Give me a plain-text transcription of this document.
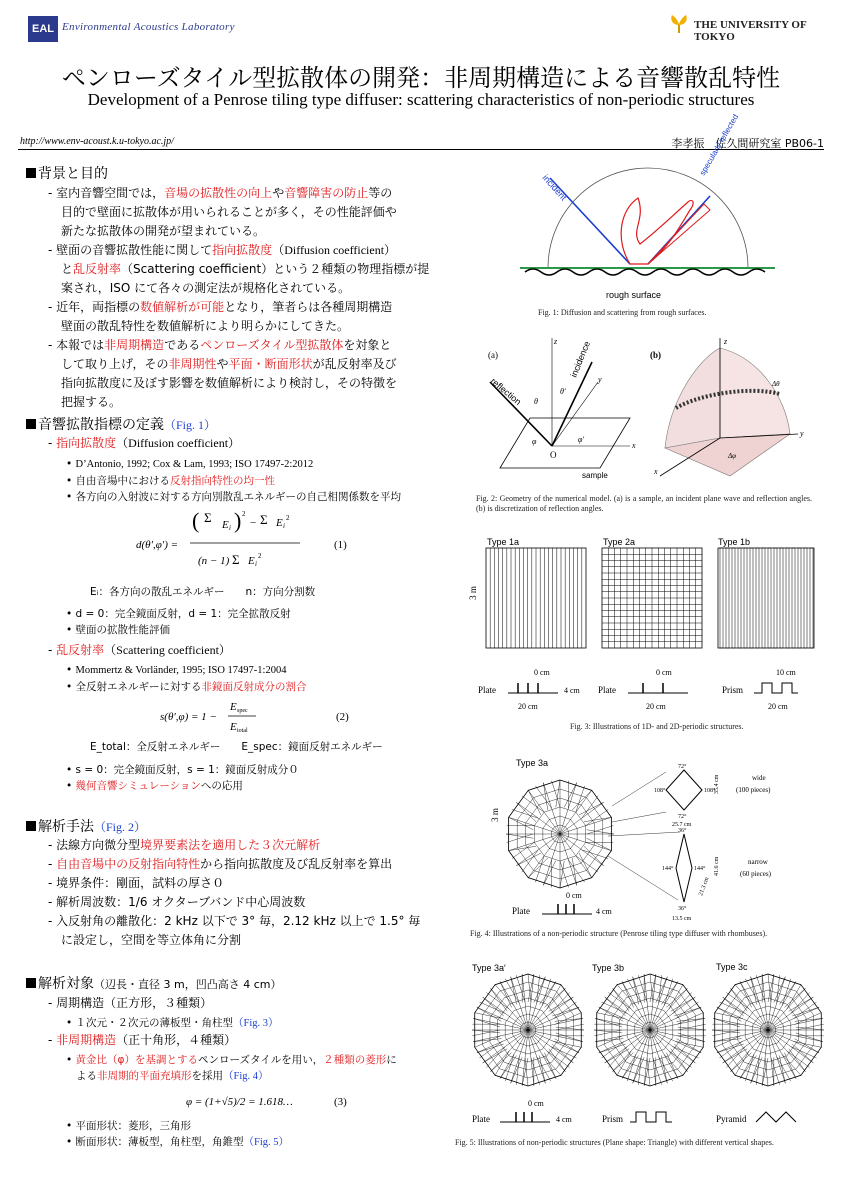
EAL Environmental Acoustics Laboratory	THE UNIVERSITY OF TOKYO
ペンローズタイル型拡散体の開発：非周期構造による音響散乱特性
Development of a Penrose tiling type diffuser: scattering characteristics of non-periodic structures
http://www.env-acoust.k.u-tokyo.ac.jp/	李孝振　佐久間研究室 PB06-1
背景と目的
- 室内音響空間では，音場の拡散性の向上や音響障害の防止等の
目的で壁面に拡散体が用いられることが多く，その性能評価や
新たな拡散体の開発が望まれている。
- 壁面の音響拡散性能に関して指向拡散度（Diffusion coefficient）
と乱反射率（Scattering coefficient）という２種類の物理指標が提
案され，ISO にて各々の測定法が規格化されている。
- 近年，両指標の数値解析が可能となり，筆者らは各種周期構造
壁面の散乱特性を数値解析により明らかにしてきた。
- 本報では非周期構造であるペンローズタイル型拡散体を対象と
して取り上げ，その非周期性や平面・断面形状が乱反射率及び
指向拡散度に及ぼす影響を数値解析により検討し，その特徴を
把握する。
音響拡散指標の定義（Fig. 1）
- 指向拡散度（Diffusion coefficient）
• D’Antonio, 1992; Cox & Lam, 1993; ISO 17497-2:2012
• 自由音場中における反射指向特性の均一性
• 各方向の入射波に対する方向別散乱エネルギーの自己相関係数を平均
d(θ′,φ′) =
( Σ E i ) 2
− Σ E i
2
(n − 1) Σ E i
2
(1)
Eᵢ：各方向の散乱エネルギー　　n：方向分割数
• d = 0：完全鏡面反射，d = 1：完全拡散反射
• 壁面の拡散性能評価
- 乱反射率（Scattering coefficient）
• Mommertz & Vorländer, 1995; ISO 17497-1:2004
• 全反射エネルギーに対する非鏡面反射成分の割合
s(θ′,φ) = 1 −
E spec
E total
(2)
E_total：全反射エネルギー　　E_spec：鏡面反射エネルギー
• s = 0：完全鏡面反射，s = 1：鏡面反射成分０
• 幾何音響シミュレーションへの応用
解析手法（Fig. 2）
- 法線方向微分型境界要素法を適用した３次元解析
- 自由音場中の反射指向特性から指向拡散度及び乱反射率を算出
- 境界条件：剛面，試料の厚さ０
- 解析周波数：1/6 オクターブバンド中心周波数
- 入反射角の離散化：2 kHz 以下で 3° 毎，2.12 kHz 以上で 1.5° 毎
に設定し，空間を等立体角に分割
解析対象（辺長・直径 3 m，凹凸高さ 4 cm）
- 周期構造（正方形，３種類）
• １次元・２次元の薄板型・角柱型（Fig. 3）
- 非周期構造（正十角形，４種類）
• 黄金比（φ）を基調とするペンローズタイルを用い，２種類の菱形に
よる非周期的平面充填形を採用（Fig. 4）
φ = (1+√5)/2 = 1.618…	(3)
• 平面形状：菱形，三角形
• 断面形状：薄板型，角柱型，角錐型（Fig. 5）
incident
specularly reflected
rough surface
Fig. 1: Diffusion and scattering from rough surfaces.
(a)
reflection
incidence
O
sample
z
x
y
θ
θ′
φ	φ′
(b)
z
y
x
Δθ
Δφ
Fig. 2: Geometry of the numerical model. (a) is a sample, an incident plane wave and reflection angles. (b) is discretization of reflection angles.
Type 1a	Type 2a	Type 1b
3 m
Plate
0 cm
4 cm
20 cm
Plate
0 cm
20 cm
Prism
10 cm
20 cm
Fig. 3: Illustrations of 1D- and 2D-periodic structures.
Type 3a
3 m
72°
108°	108°
72°
25.7 cm
35.4 cm
36°
144°	144°
36°
13.5 cm
41.6 cm
21.3 cm
wide
(100 pieces)
narrow
(60 pieces)
Plate
0 cm
4 cm
Fig. 4: Illustrations of a non-periodic structure (Penrose tiling type diffuser with rhombuses).
Type 3a′	Type 3b	Type 3c
Plate
0 cm
4 cm	Prism	Pyramid
Fig. 5: Illustrations of non-periodic structures (Plane shape: Triangle) with different vertical shapes.
